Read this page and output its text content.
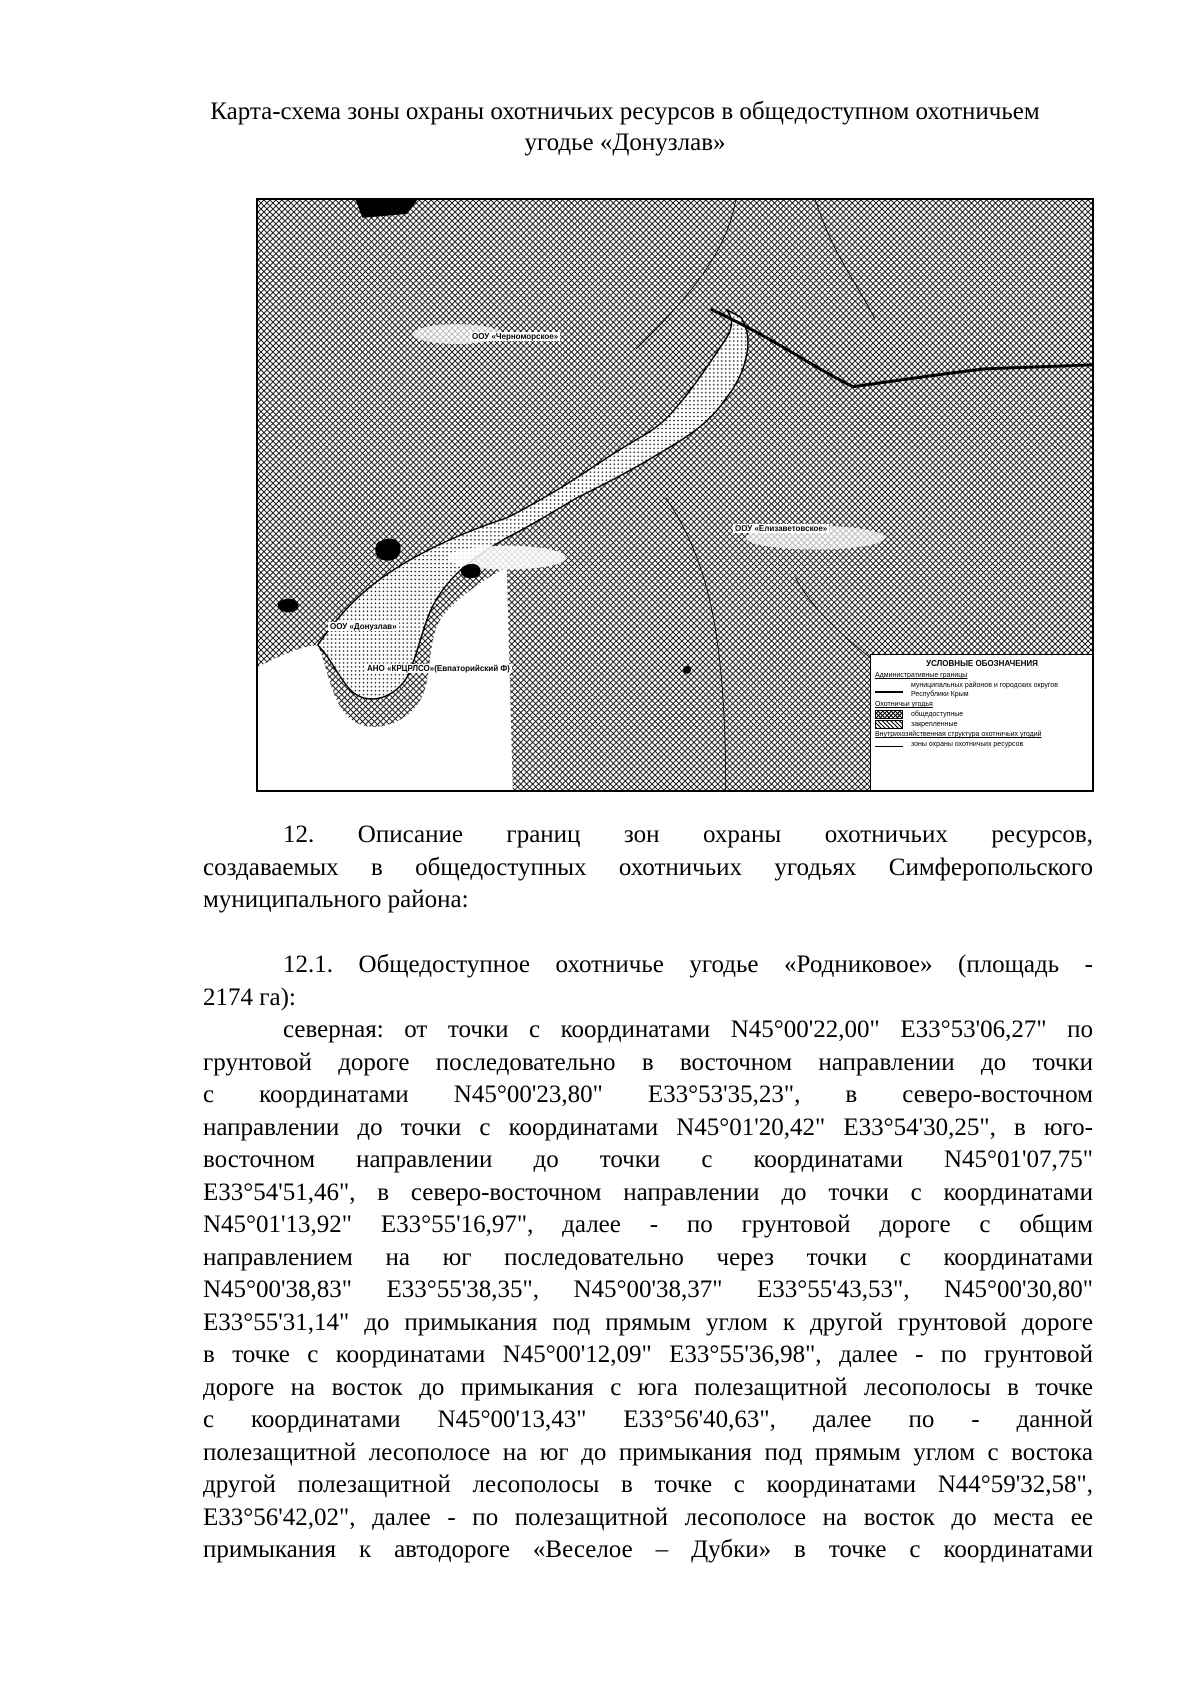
Карта-схема зоны охраны охотничьих ресурсов в общедоступном охотничьем
угодье «Донузлав»
ООУ «Черноморское»
ООУ «Елизаветовское»
ООУ «Донузлав»
АНО «КРЦРЛСО»(Евпаторийский Ф)
УСЛОВНЫЕ ОБОЗНАЧЕНИЯ
Административные границы
муниципальных районов и городских округов Республики Крым
Охотничьи угодья
общедоступные
закрепленные
Внутрихозяйственная структура охотничьих угодий
зоны охраны охотничьих ресурсов
12. Описание границ зон охраны охотничьих ресурсов,
создаваемых в общедоступных охотничьих угодьях Симферопольского
муниципального района:
12.1. Общедоступное охотничье угодье «Родниковое» (площадь -
2174 га):
северная: от точки с координатами N45°00'22,00" E33°53'06,27" по
грунтовой дороге последовательно в восточном направлении до точки
с координатами N45°00'23,80" E33°53'35,23", в северо-восточном
направлении до точки с координатами N45°01'20,42" E33°54'30,25", в юго-
восточном направлении до точки с координатами N45°01'07,75"
E33°54'51,46", в северо-восточном направлении до точки с координатами
N45°01'13,92" E33°55'16,97", далее - по грунтовой дороге с общим
направлением на юг последовательно через точки с координатами
N45°00'38,83" E33°55'38,35", N45°00'38,37" E33°55'43,53", N45°00'30,80"
E33°55'31,14" до примыкания под прямым углом к другой грунтовой дороге
в точке с координатами N45°00'12,09" E33°55'36,98", далее - по грунтовой
дороге на восток до примыкания с юга полезащитной лесополосы в точке
с координатами N45°00'13,43" E33°56'40,63", далее по - данной
полезащитной лесополосе на юг до примыкания под прямым углом с востока
другой полезащитной лесополосы в точке с координатами N44°59'32,58",
E33°56'42,02", далее - по полезащитной лесополосе на восток до места ее
примыкания к автодороге «Веселое – Дубки» в точке с координатами
